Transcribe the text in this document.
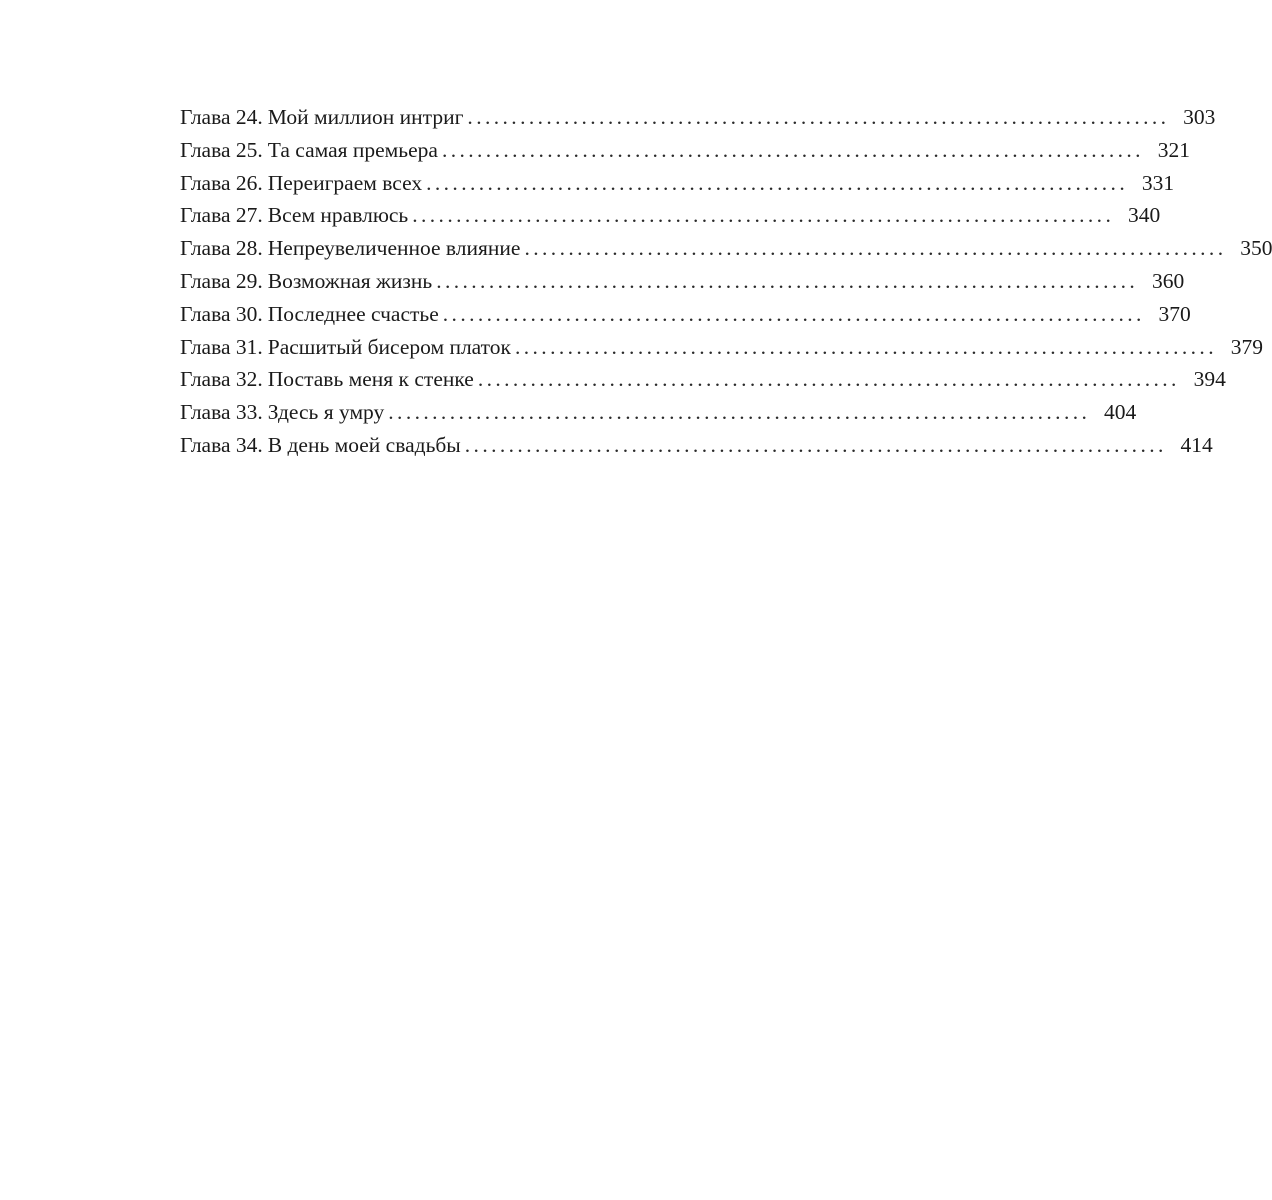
Глава 24. Мой миллион интриг ................................................................................ 303
Глава 25. Та самая премьера ................................................................................ 321
Глава 26. Переиграем всех ................................................................................ 331
Глава 27. Всем нравлюсь ................................................................................ 340
Глава 28. Непреувеличенное влияние ................................................................................ 350
Глава 29. Возможная жизнь ................................................................................ 360
Глава 30. Последнее счастье ................................................................................ 370
Глава 31. Расшитый бисером платок ................................................................................ 379
Глава 32. Поставь меня к стенке ................................................................................ 394
Глава 33. Здесь я умру ................................................................................ 404
Глава 34. В день моей свадьбы ................................................................................ 414
